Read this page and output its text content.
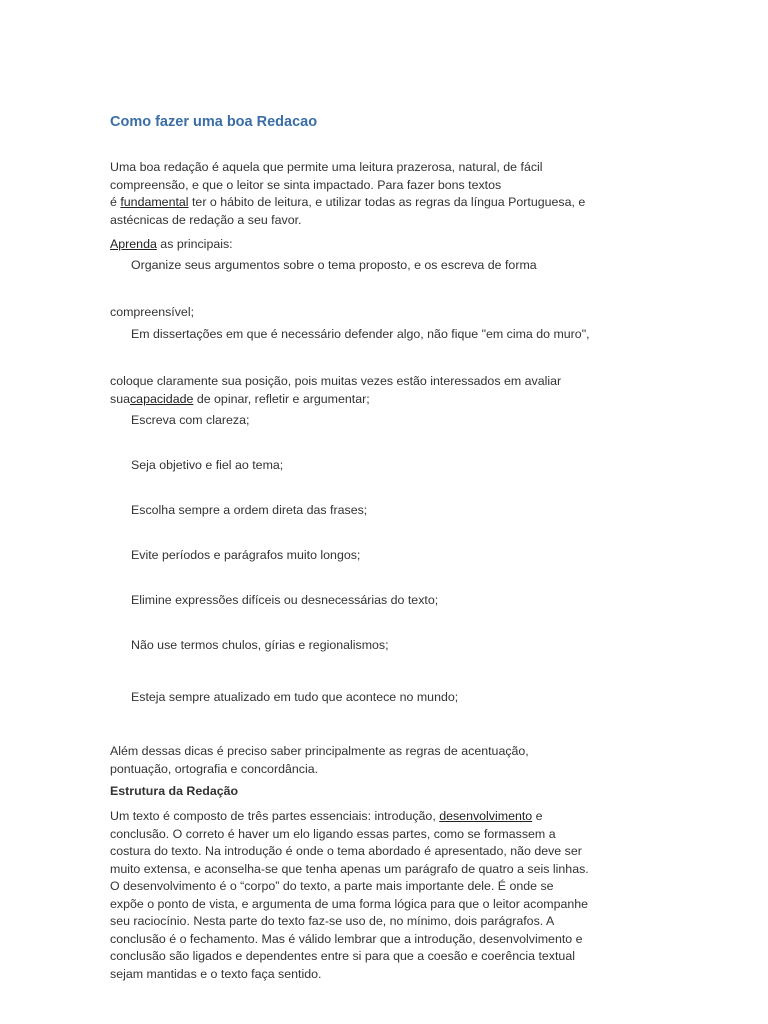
Como fazer uma boa Redacao
Uma boa redação é aquela que permite uma leitura prazerosa, natural, de fácil
compreensão, e que o leitor se sinta impactado. Para fazer bons textos
é fundamental ter o hábito de leitura, e utilizar todas as regras da língua Portuguesa, e
astécnicas de redação a seu favor.
Aprenda as principais:
Organize seus argumentos sobre o tema proposto, e os escreva de forma
compreensível;
Em dissertações em que é necessário defender algo, não fique "em cima do muro",
coloque claramente sua posição, pois muitas vezes estão interessados em avaliar
suacapacidade de opinar, refletir e argumentar;
Escreva com clareza;
Seja objetivo e fiel ao tema;
Escolha sempre a ordem direta das frases;
Evite períodos e parágrafos muito longos;
Elimine expressões difíceis ou desnecessárias do texto;
Não use termos chulos, gírias e regionalismos;
Esteja sempre atualizado em tudo que acontece no mundo;
Além dessas dicas é preciso saber principalmente as regras de acentuação,
pontuação, ortografia e concordância.
Estrutura da Redação
Um texto é composto de três partes essenciais: introdução, desenvolvimento e
conclusão. O correto é haver um elo ligando essas partes, como se formassem a
costura do texto. Na introdução é onde o tema abordado é apresentado, não deve ser
muito extensa, e aconselha-se que tenha apenas um parágrafo de quatro a seis linhas.
O desenvolvimento é o “corpo” do texto, a parte mais importante dele. É onde se
expõe o ponto de vista, e argumenta de uma forma lógica para que o leitor acompanhe
seu raciocínio. Nesta parte do texto faz-se uso de, no mínimo, dois parágrafos. A
conclusão é o fechamento. Mas é válido lembrar que a introdução, desenvolvimento e
conclusão são ligados e dependentes entre si para que a coesão e coerência textual
sejam mantidas e o texto faça sentido.
